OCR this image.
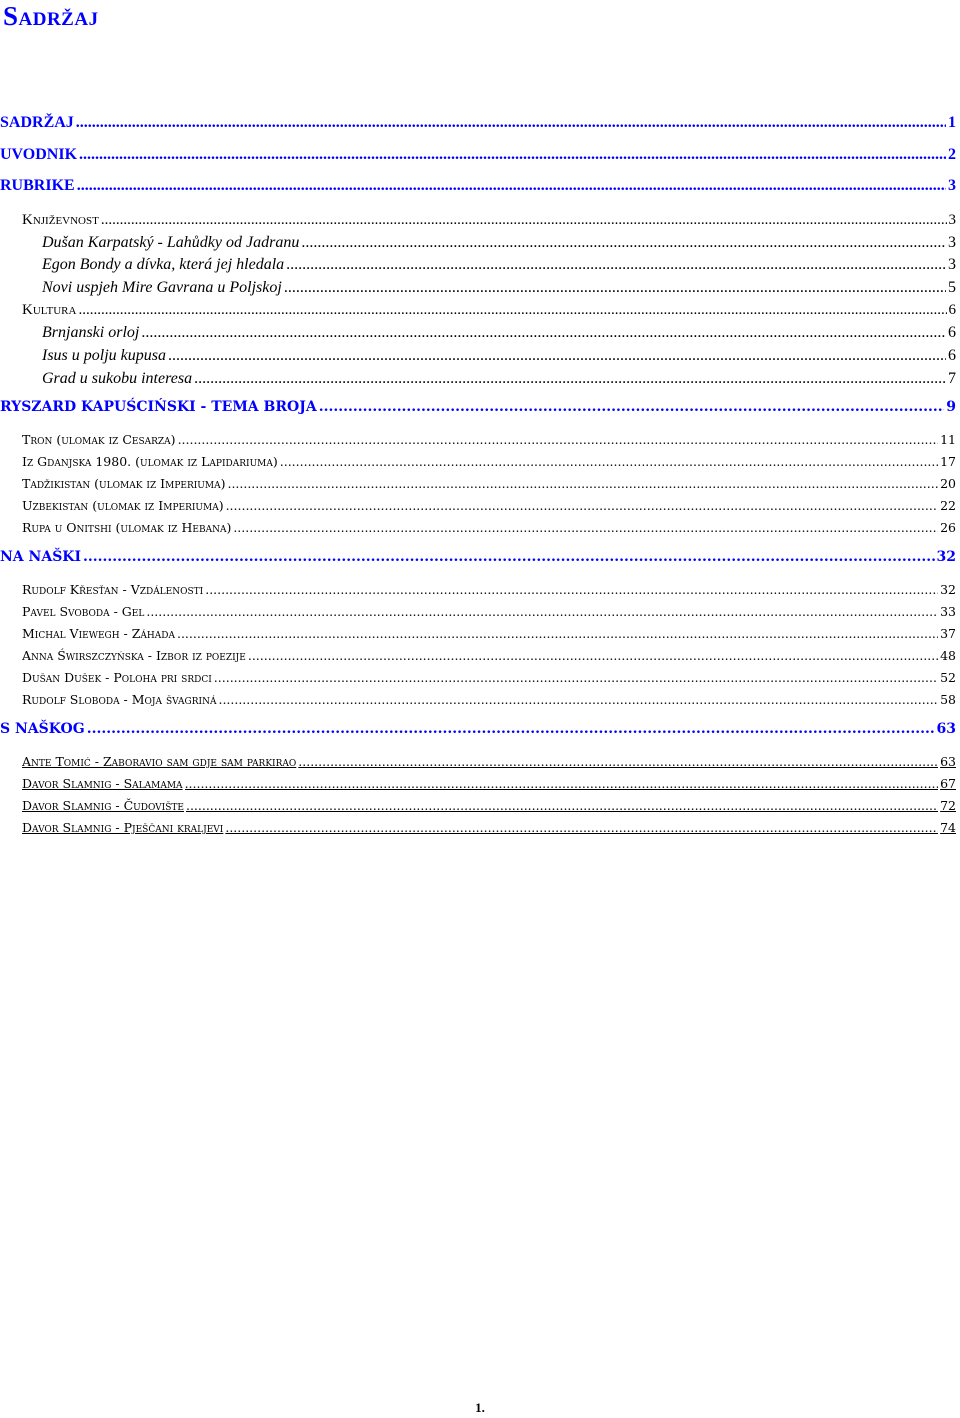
Sadržaj
SADRŽAJ .....	1
UVODNIK .....	2
RUBRIKE .....	3
Književnost .....	3
Dušan Karpatský - Lahůdky od Jadranu .....	3
Egon Bondy a dívka, která jej hledala .....	3
Novi uspjeh Mire Gavrana u Poljskoj .....	5
Kultura .....	6
Brnjanski orloj .....	6
Isus u polju kupusa .....	6
Grad u sukobu interesa .....	7
RYSZARD KAPUŚCIŃSKI - TEMA BROJA .....	9
Tron (ulomak iz Cesarza) .....	11
Iz Gdanjska 1980. (ulomak iz Lapidariuma) .....	17
Tadžikistan (ulomak iz Imperiuma) .....	20
Uzbekistan (ulomak iz Imperiuma) .....	22
Rupa u Onitshi (ulomak iz Hebana) .....	26
NA NAŠKI .....	32
Rudolf Křesťan - Vzdálenosti .....	32
Pavel Svoboda - Gel .....	33
Michal Viewegh - Záhada .....	37
Anna Świrszczyńska - Izbor iz poezije .....	48
Dušan Dušek - Poloha pri srdci .....	52
Rudolf Sloboda - Moja švagriná .....	58
S NAŠKOG .....	63
Ante Tomić - Zaboravio sam gdje sam parkirao .....	63
Davor Slamnig - Salamama .....	67
Davor Slamnig - Čudovište .....	72
Davor Slamnig - Pješčani kraljevi .....	74
1.
